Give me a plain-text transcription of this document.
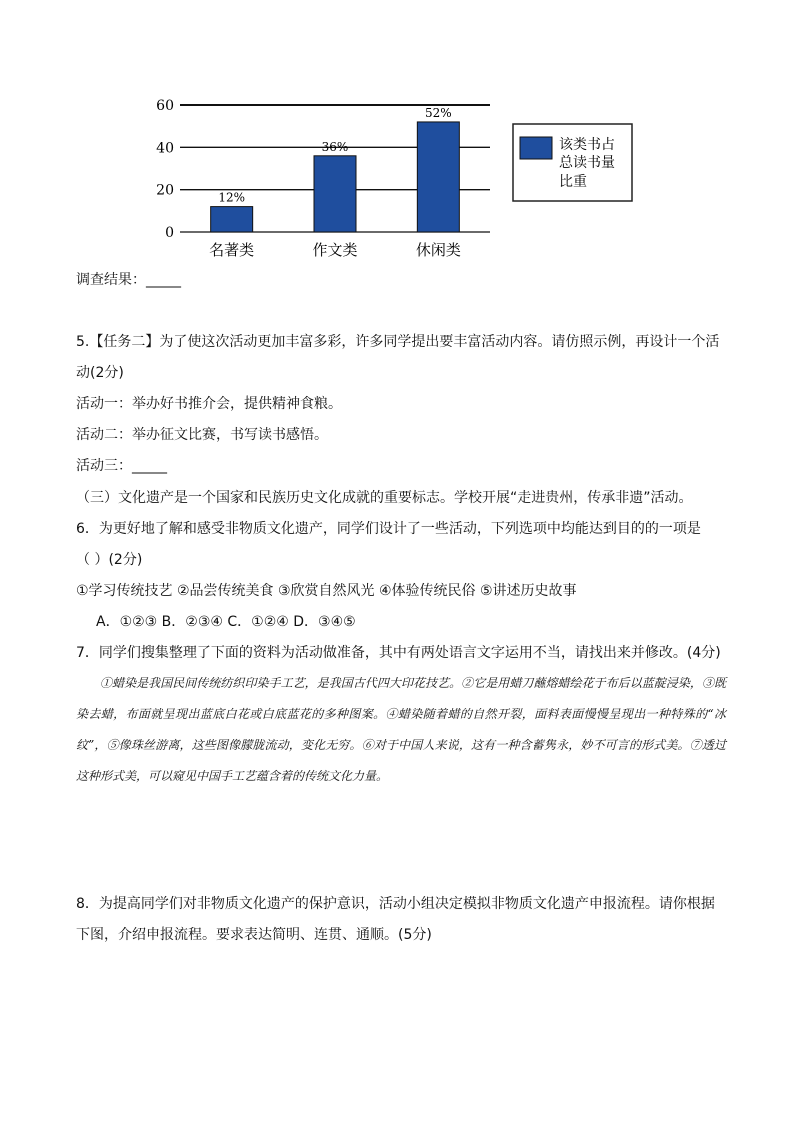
60
40
20
0
12%
名著类
36%
作文类
52%
休闲类
该类书占
总读书量
比重
调查结果：_____
5.【任务二】为了使这次活动更加丰富多彩，许多同学提出要丰富活动内容。请仿照示例，再设计一个活
动(2分)
活动一：举办好书推介会，提供精神食粮。
活动二：举办征文比赛，书写读书感悟。
活动三：_____
（三）文化遗产是一个国家和民族历史文化成就的重要标志。学校开展“走进贵州，传承非遗”活动。
6．为更好地了解和感受非物质文化遗产，同学们设计了一些活动，下列选项中均能达到目的的一项是
（ ）(2分)
①学习传统技艺 ②品尝传统美食 ③欣赏自然风光 ④体验传统民俗 ⑤讲述历史故事
A．①②③ B．②③④ C．①②④ D．③④⑤
7．同学们搜集整理了下面的资料为活动做准备，其中有两处语言文字运用不当，请找出来并修改。(4分)
①蜡染是我国民间传统纺织印染手工艺，是我国古代四大印花技艺。②它是用蜡刀蘸熔蜡绘花于布后以蓝靛浸染，③既染去蜡，布面就呈现出蓝底白花或白底蓝花的多种图案。④蜡染随着蜡的自然开裂，面料表面慢慢呈现出一种特殊的“冰纹”，⑤像珠丝游离，这些图像朦胧流动，变化无穷。⑥对于中国人来说，这有一种含蓄隽永，妙不可言的形式美。⑦透过这种形式美，可以窥见中国手工艺蕴含着的传统文化力量。
8．为提高同学们对非物质文化遗产的保护意识，活动小组决定模拟非物质文化遗产申报流程。请你根据
下图，介绍申报流程。要求表达简明、连贯、通顺。(5分)
